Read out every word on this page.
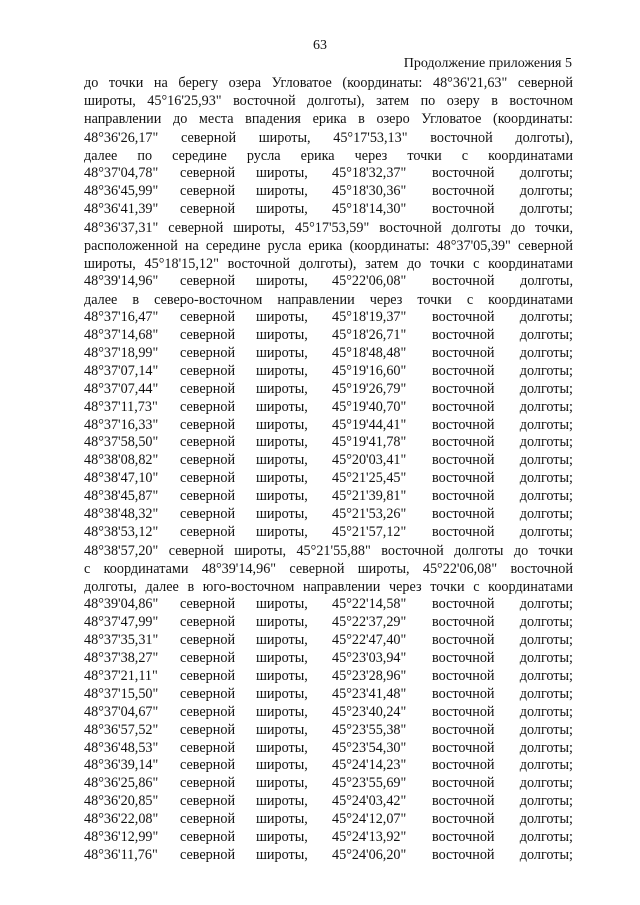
63
Продолжение приложения 5
до точки на берегу озера Угловатое (координаты: 48°36'21,63" северной
широты, 45°16'25,93" восточной долготы), затем по озеру в восточном
направлении до места впадения ерика в озеро Угловатое (координаты:
48°36'26,17" северной широты, 45°17'53,13" восточной долготы),
далее по середине русла ерика через точки с координатами
48°37'04,78"	северной	широты,	45°18'32,37"	восточной	долготы;
48°36'45,99"	северной	широты,	45°18'30,36"	восточной	долготы;
48°36'41,39"	северной	широты,	45°18'14,30"	восточной	долготы;
48°36'37,31" северной широты, 45°17'53,59" восточной долготы до точки,
расположенной на середине русла ерика (координаты: 48°37'05,39" северной
широты, 45°18'15,12" восточной долготы), затем до точки с координатами
48°39'14,96"	северной	широты,	45°22'06,08"	восточной	долготы,
далее в северо-восточном направлении через точки с координатами
48°37'16,47"	северной	широты,	45°18'19,37"	восточной	долготы;
48°37'14,68"	северной	широты,	45°18'26,71"	восточной	долготы;
48°37'18,99"	северной	широты,	45°18'48,48"	восточной	долготы;
48°37'07,14"	северной	широты,	45°19'16,60"	восточной	долготы;
48°37'07,44"	северной	широты,	45°19'26,79"	восточной	долготы;
48°37'11,73"	северной	широты,	45°19'40,70"	восточной	долготы;
48°37'16,33"	северной	широты,	45°19'44,41"	восточной	долготы;
48°37'58,50"	северной	широты,	45°19'41,78"	восточной	долготы;
48°38'08,82"	северной	широты,	45°20'03,41"	восточной	долготы;
48°38'47,10"	северной	широты,	45°21'25,45"	восточной	долготы;
48°38'45,87"	северной	широты,	45°21'39,81"	восточной	долготы;
48°38'48,32"	северной	широты,	45°21'53,26"	восточной	долготы;
48°38'53,12"	северной	широты,	45°21'57,12"	восточной	долготы;
48°38'57,20" северной широты, 45°21'55,88" восточной долготы до точки
с координатами 48°39'14,96" северной широты, 45°22'06,08" восточной
долготы, далее в юго-восточном направлении через точки с координатами
48°39'04,86"	северной	широты,	45°22'14,58"	восточной	долготы;
48°37'47,99"	северной	широты,	45°22'37,29"	восточной	долготы;
48°37'35,31"	северной	широты,	45°22'47,40"	восточной	долготы;
48°37'38,27"	северной	широты,	45°23'03,94"	восточной	долготы;
48°37'21,11"	северной	широты,	45°23'28,96"	восточной	долготы;
48°37'15,50"	северной	широты,	45°23'41,48"	восточной	долготы;
48°37'04,67"	северной	широты,	45°23'40,24"	восточной	долготы;
48°36'57,52"	северной	широты,	45°23'55,38"	восточной	долготы;
48°36'48,53"	северной	широты,	45°23'54,30"	восточной	долготы;
48°36'39,14"	северной	широты,	45°24'14,23"	восточной	долготы;
48°36'25,86"	северной	широты,	45°23'55,69"	восточной	долготы;
48°36'20,85"	северной	широты,	45°24'03,42"	восточной	долготы;
48°36'22,08"	северной	широты,	45°24'12,07"	восточной	долготы;
48°36'12,99"	северной	широты,	45°24'13,92"	восточной	долготы;
48°36'11,76"	северной	широты,	45°24'06,20"	восточной	долготы;
